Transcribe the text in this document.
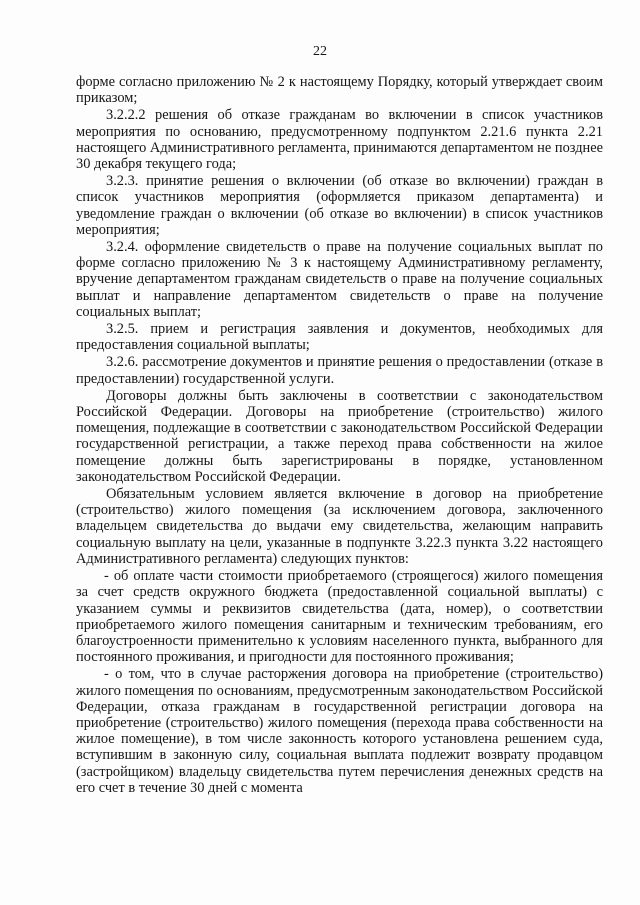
22

форме согласно приложению № 2 к настоящему Порядку, который утверждает своим приказом;

3.2.2.2 решения об отказе гражданам во включении в список участников мероприятия по основанию, предусмотренному подпунктом 2.21.6 пункта 2.21 настоящего Административного регламента, принимаются департаментом не позднее 30 декабря текущего года;

3.2.3. принятие решения о включении (об отказе во включении) граждан в список участников мероприятия (оформляется приказом департамента) и уведомление граждан о включении (об отказе во включении) в список участников мероприятия;

3.2.4. оформление свидетельств о праве на получение социальных выплат по форме согласно приложению № 3 к настоящему Административному регламенту, вручение департаментом гражданам свидетельств о праве на получение социальных выплат и направление департаментом свидетельств о праве на получение социальных выплат;

3.2.5. прием и регистрация заявления и документов, необходимых для предоставления социальной выплаты;

3.2.6. рассмотрение документов и принятие решения о предоставлении (отказе в предоставлении) государственной услуги.

Договоры должны быть заключены в соответствии с законодательством Российской Федерации. Договоры на приобретение (строительство) жилого помещения, подлежащие в соответствии с законодательством Российской Федерации государственной регистрации, а также переход права собственности на жилое помещение должны быть зарегистрированы в порядке, установленном законодательством Российской Федерации.

Обязательным условием является включение в договор на приобретение (строительство) жилого помещения (за исключением договора, заключенного владельцем свидетельства до выдачи ему свидетельства, желающим направить социальную выплату на цели, указанные в подпункте 3.22.3 пункта 3.22 настоящего Административного регламента) следующих пунктов:

- об оплате части стоимости приобретаемого (строящегося) жилого помещения за счет средств окружного бюджета (предоставленной социальной выплаты) с указанием суммы и реквизитов свидетельства (дата, номер), о соответствии приобретаемого жилого помещения санитарным и техническим требованиям, его благоустроенности применительно к условиям населенного пункта, выбранного для постоянного проживания, и пригодности для постоянного проживания;

- о том, что в случае расторжения договора на приобретение (строительство) жилого помещения по основаниям, предусмотренным законодательством Российской Федерации, отказа гражданам в государственной регистрации договора на приобретение (строительство) жилого помещения (перехода права собственности на жилое помещение), в том числе законность которого установлена решением суда, вступившим в законную силу, социальная выплата подлежит возврату продавцом (застройщиком) владельцу свидетельства путем перечисления денежных средств на его счет в течение 30 дней с момента
